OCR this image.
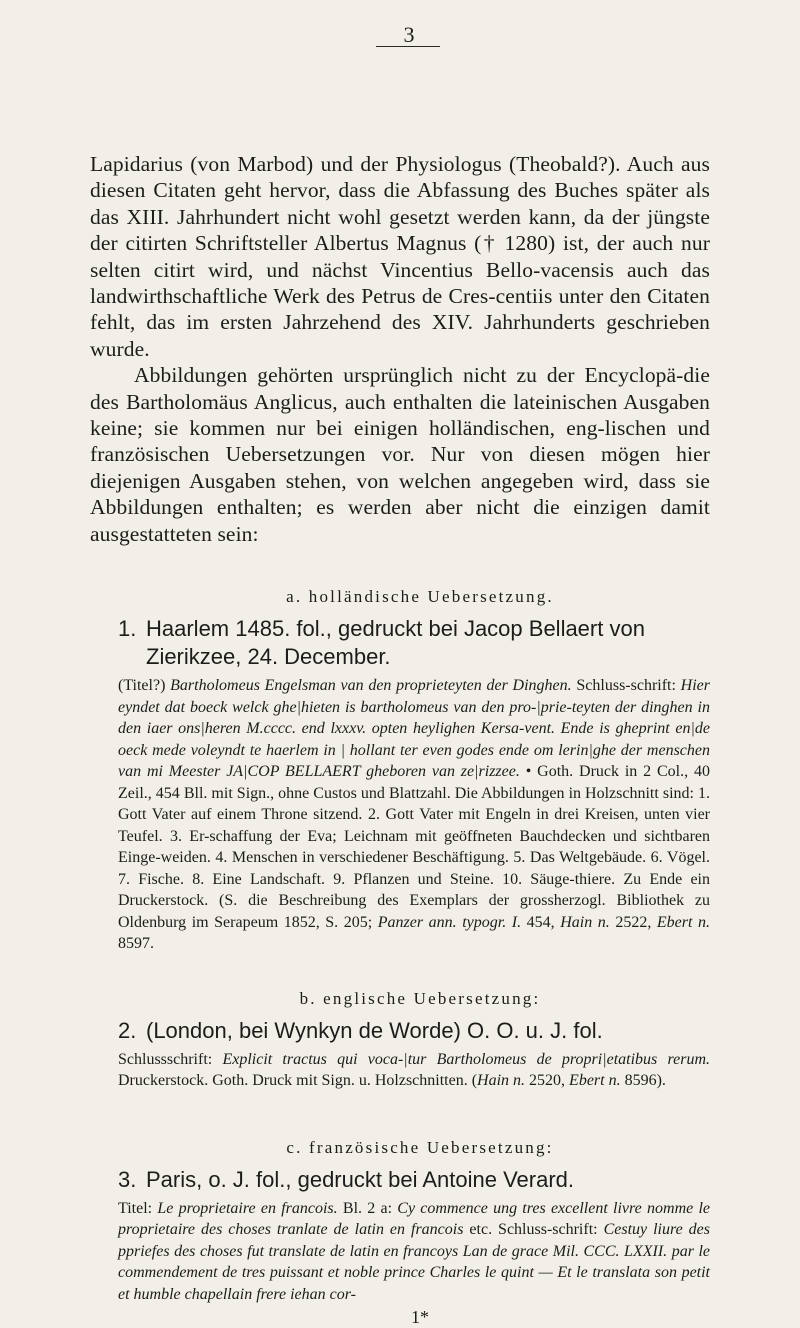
3

Lapidarius (von Marbod) und der Physiologus (Theobald?). Auch aus diesen Citaten geht hervor, dass die Abfassung des Buches später als das XIII. Jahrhundert nicht wohl gesetzt werden kann, da der jüngste der citirten Schriftsteller Albertus Magnus († 1280) ist, der auch nur selten citirt wird, und nächst Vincentius Bello-vacensis auch das landwirthschaftliche Werk des Petrus de Cres-centiis unter den Citaten fehlt, das im ersten Jahrzehend des XIV. Jahrhunderts geschrieben wurde.

Abbildungen gehörten ursprünglich nicht zu der Encyclopä-die des Bartholomäus Anglicus, auch enthalten die lateinischen Ausgaben keine; sie kommen nur bei einigen holländischen, eng-lischen und französischen Uebersetzungen vor. Nur von diesen mögen hier diejenigen Ausgaben stehen, von welchen angegeben wird, dass sie Abbildungen enthalten; es werden aber nicht die einzigen damit ausgestatteten sein:

a. holländische Uebersetzung.
1. Haarlem 1485. fol., gedruckt bei Jacop Bellaert von Zierikzee, 24. December.

(Titel?) Bartholomeus Engelsman van den proprieteyten der Dinghen. Schluss-schrift: Hier eyndet dat boeck welck ghe|hieten is bartholomeus van den pro-|prie-teyten der dinghen in den iaer ons|heren M.cccc. end lxxxv. opten heylighen Kersa-vent. Ende is gheprint en|de oeck mede voleyndt te haerlem in | hollant ter even godes ende om lerin|ghe der menschen van mi Meester JA|COP BELLAERT gheboren van ze|rizzee. • Goth. Druck in 2 Col., 40 Zeil., 454 Bll. mit Sign., ohne Custos und Blattzahl. Die Abbildungen in Holzschnitt sind: 1. Gott Vater auf einem Throne sitzend. 2. Gott Vater mit Engeln in drei Kreisen, unten vier Teufel. 3. Er-schaffung der Eva; Leichnam mit geöffneten Bauchdecken und sichtbaren Einge-weiden. 4. Menschen in verschiedener Beschäftigung. 5. Das Weltgebäude. 6. Vögel. 7. Fische. 8. Eine Landschaft. 9. Pflanzen und Steine. 10. Säuge-thiere. Zu Ende ein Druckerstock. (S. die Beschreibung des Exemplars der grossherzogl. Bibliothek zu Oldenburg im Serapeum 1852, S. 205; Panzer ann. typogr. I. 454, Hain n. 2522, Ebert n. 8597.

b. englische Uebersetzung:
2. (London, bei Wynkyn de Worde) O. O. u. J. fol.

Schlussschrift: Explicit tractus qui voca-|tur Bartholomeus de propri|etatibus rerum. Druckerstock. Goth. Druck mit Sign. u. Holzschnitten. (Hain n. 2520, Ebert n. 8596).

c. französische Uebersetzung:
3. Paris, o. J. fol., gedruckt bei Antoine Verard.

Titel: Le proprietaire en francois. Bl. 2 a: Cy commence ung tres excellent livre nomme le proprietaire des choses tranlate de latin en francois etc. Schluss-schrift: Cestuy liure des ppriefes des choses fut translate de latin en francoys Lan de grace Mil. CCC. LXXII. par le commendement de tres puissant et noble prince Charles le quint — Et le translata son petit et humble chapellain frere iehan cor-

1*
